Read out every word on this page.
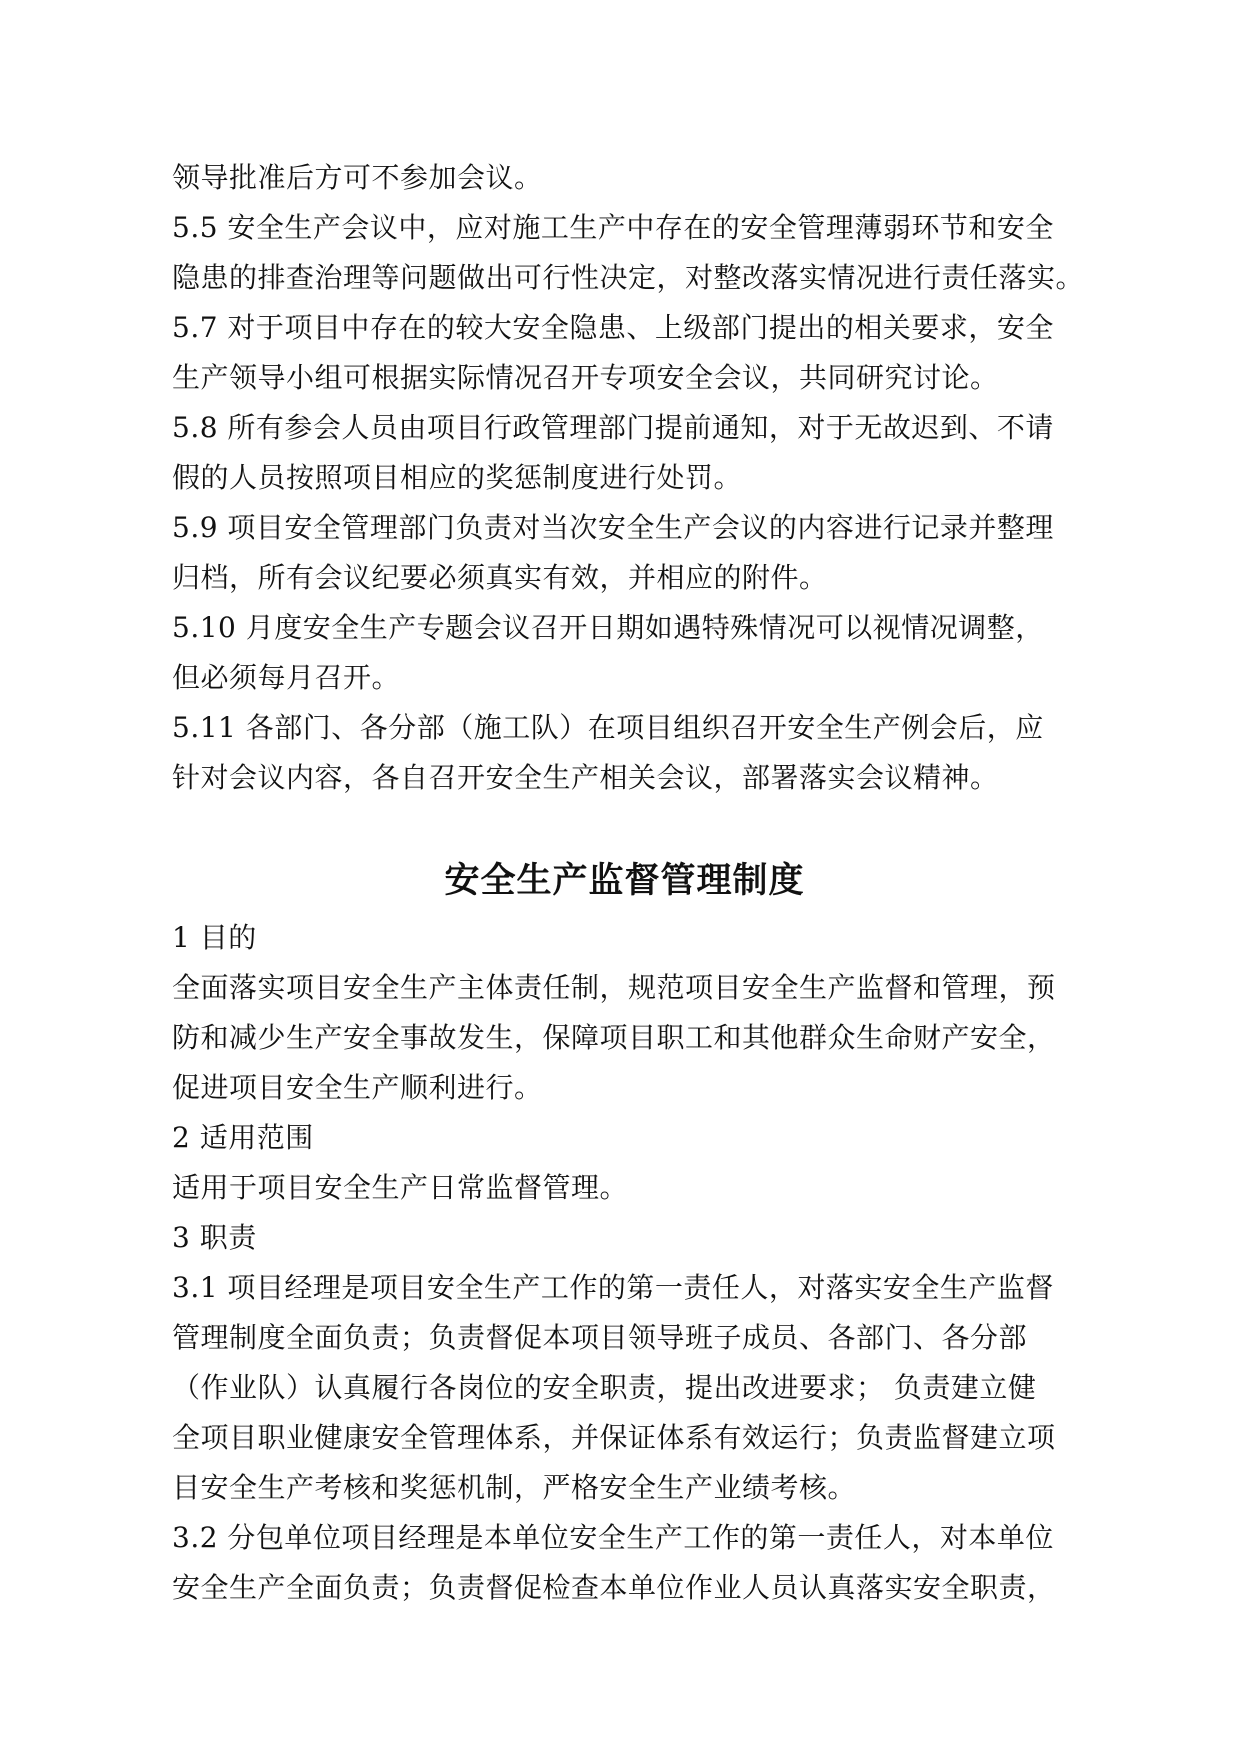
领导批准后方可不参加会议。
5.5 安全生产会议中，应对施工生产中存在的安全管理薄弱环节和安全
隐患的排查治理等问题做出可行性决定，对整改落实情况进行责任落实。
5.7 对于项目中存在的较大安全隐患、上级部门提出的相关要求，安全
生产领导小组可根据实际情况召开专项安全会议，共同研究讨论。
5.8 所有参会人员由项目行政管理部门提前通知，对于无故迟到、不请
假的人员按照项目相应的奖惩制度进行处罚。
5.9 项目安全管理部门负责对当次安全生产会议的内容进行记录并整理
归档，所有会议纪要必须真实有效，并相应的附件。
5.10 月度安全生产专题会议召开日期如遇特殊情况可以视情况调整，
但必须每月召开。
5.11 各部门、各分部（施工队）在项目组织召开安全生产例会后，应
针对会议内容，各自召开安全生产相关会议，部署落实会议精神。
安全生产监督管理制度
1 目的
全面落实项目安全生产主体责任制，规范项目安全生产监督和管理，预
防和减少生产安全事故发生，保障项目职工和其他群众生命财产安全，
促进项目安全生产顺利进行。
2 适用范围
适用于项目安全生产日常监督管理。
3 职责
3.1 项目经理是项目安全生产工作的第一责任人，对落实安全生产监督
管理制度全面负责；负责督促本项目领导班子成员、各部门、各分部
（作业队）认真履行各岗位的安全职责，提出改进要求； 负责建立健
全项目职业健康安全管理体系，并保证体系有效运行；负责监督建立项
目安全生产考核和奖惩机制，严格安全生产业绩考核。
3.2 分包单位项目经理是本单位安全生产工作的第一责任人，对本单位
安全生产全面负责；负责督促检查本单位作业人员认真落实安全职责，
